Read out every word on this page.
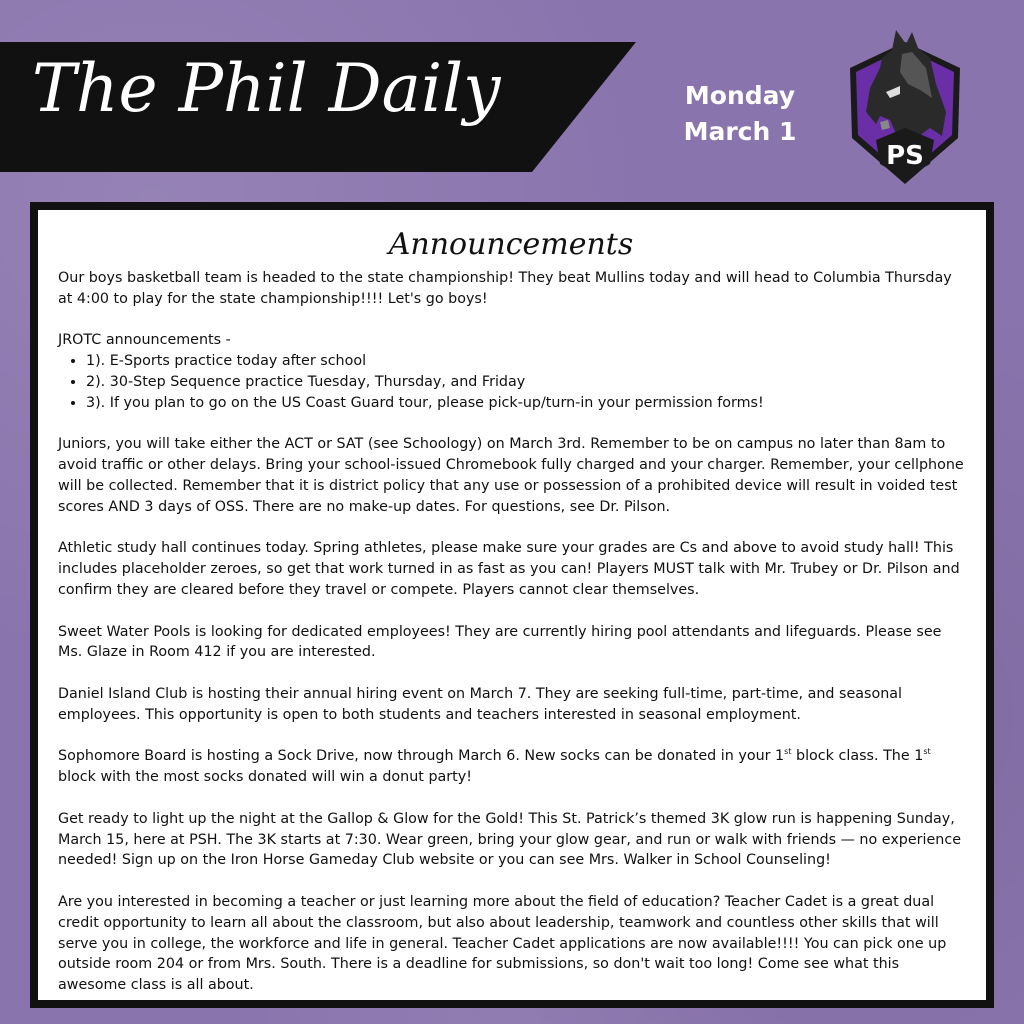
The Phil Daily	Monday
March 1
PS
Announcements

Our boys basketball team is headed to the state championship! They beat Mullins today and will head to Columbia Thursday at 4:00 to play for the state championship!!!! Let's go boys!

JROTC announcements -
• 1). E-Sports practice today after school
• 2). 30-Step Sequence practice Tuesday, Thursday, and Friday
• 3). If you plan to go on the US Coast Guard tour, please pick-up/turn-in your permission forms!

Juniors, you will take either the ACT or SAT (see Schoology) on March 3rd. Remember to be on campus no later than 8am to avoid traffic or other delays. Bring your school-issued Chromebook fully charged and your charger. Remember, your cellphone will be collected. Remember that it is district policy that any use or possession of a prohibited device will result in voided test scores AND 3 days of OSS. There are no make-up dates. For questions, see Dr. Pilson.

Athletic study hall continues today. Spring athletes, please make sure your grades are Cs and above to avoid study hall! This includes placeholder zeroes, so get that work turned in as fast as you can! Players MUST talk with Mr. Trubey or Dr. Pilson and confirm they are cleared before they travel or compete. Players cannot clear themselves.

Sweet Water Pools is looking for dedicated employees! They are currently hiring pool attendants and lifeguards. Please see Ms. Glaze in Room 412 if you are interested.

Daniel Island Club is hosting their annual hiring event on March 7. They are seeking full-time, part-time, and seasonal employees. This opportunity is open to both students and teachers interested in seasonal employment.

Sophomore Board is hosting a Sock Drive, now through March 6. New socks can be donated in your 1st block class. The 1st block with the most socks donated will win a donut party!

Get ready to light up the night at the Gallop & Glow for the Gold! This St. Patrick’s themed 3K glow run is happening Sunday, March 15, here at PSH. The 3K starts at 7:30. Wear green, bring your glow gear, and run or walk with friends — no experience needed! Sign up on the Iron Horse Gameday Club website or you can see Mrs. Walker in School Counseling!

Are you interested in becoming a teacher or just learning more about the field of education? Teacher Cadet is a great dual credit opportunity to learn all about the classroom, but also about leadership, teamwork and countless other skills that will serve you in college, the workforce and life in general. Teacher Cadet applications are now available!!!! You can pick one up outside room 204 or from Mrs. South. There is a deadline for submissions, so don't wait too long! Come see what this awesome class is all about.
